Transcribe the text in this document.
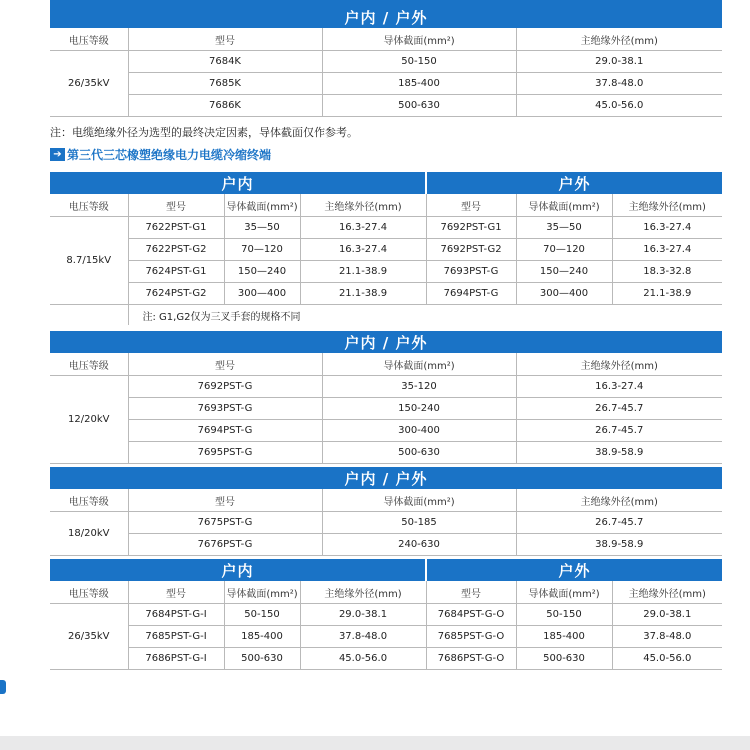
户内 / 户外			
电压等级	型号	导体截面(mm²)	主绝缘外径(mm)
26/35kV	7684K	50-150	29.0-38.1
	7685K	185-400	37.8-48.0
	7686K	500-630	45.0-56.0
注：电缆绝缘外径为选型的最终决定因素，导体截面仅作参考。
➔ 第三代三芯橡塑绝缘电力电缆冷缩终端
户内				户外		
电压等级	型号	导体截面(mm²)	主绝缘外径(mm)	型号	导体截面(mm²)	主绝缘外径(mm)
8.7/15kV	7622PST-G1	35—50	16.3-27.4	7692PST-G1	35—50	16.3-27.4
	7622PST-G2	70—120	16.3-27.4	7692PST-G2	70—120	16.3-27.4
	7624PST-G1	150—240	21.1-38.9	7693PST-G	150—240	18.3-32.8
	7624PST-G2	300—400	21.1-38.9	7694PST-G	300—400	21.1-38.9
	注: G1,G2仅为三叉手套的规格不同					
户内 / 户外			
电压等级	型号	导体截面(mm²)	主绝缘外径(mm)
12/20kV	7692PST-G	35-120	16.3-27.4
	7693PST-G	150-240	26.7-45.7
	7694PST-G	300-400	26.7-45.7
	7695PST-G	500-630	38.9-58.9
户内 / 户外			
电压等级	型号	导体截面(mm²)	主绝缘外径(mm)
18/20kV	7675PST-G	50-185	26.7-45.7
	7676PST-G	240-630	38.9-58.9
户内				户外		
电压等级	型号	导体截面(mm²)	主绝缘外径(mm)	型号	导体截面(mm²)	主绝缘外径(mm)
26/35kV	7684PST-G-I	50-150	29.0-38.1	7684PST-G-O	50-150	29.0-38.1
	7685PST-G-I	185-400	37.8-48.0	7685PST-G-O	185-400	37.8-48.0
	7686PST-G-I	500-630	45.0-56.0	7686PST-G-O	500-630	45.0-56.0
